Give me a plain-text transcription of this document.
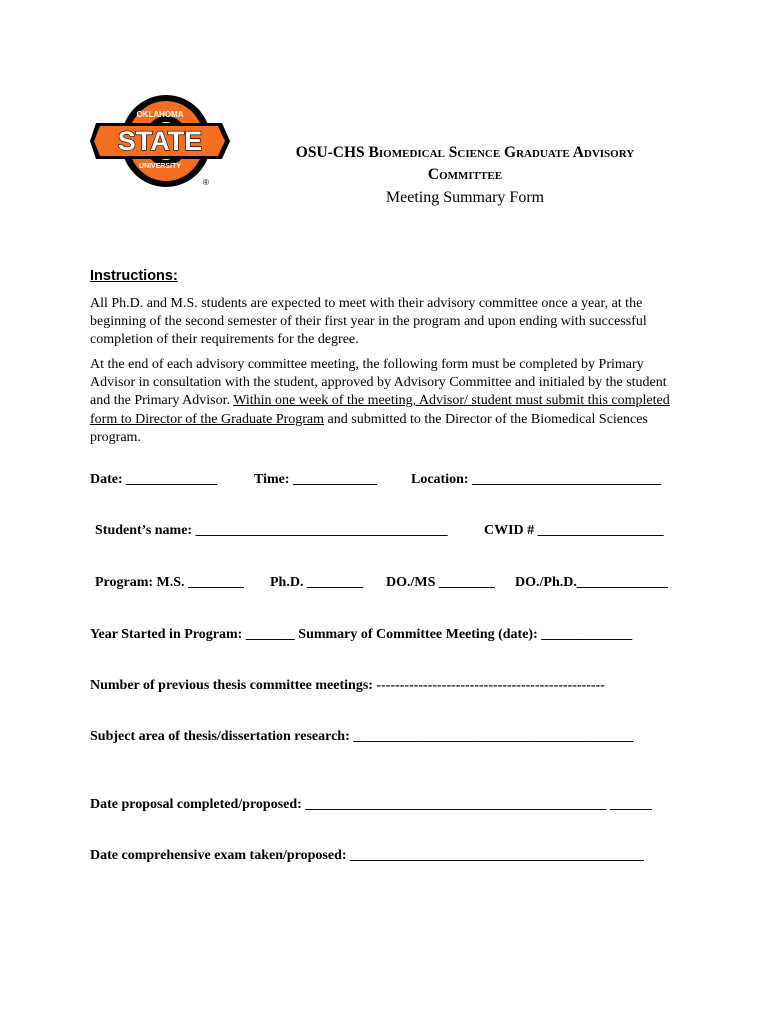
OKLAHOMA
STATE
UNIVERSITY
®
OSU-CHS Biomedical Science Graduate Advisory
Committee
Meeting Summary Form
Instructions:
All Ph.D. and M.S. students are expected to meet with their advisory committee once a year, at the beginning of the second semester of their first year in the program and upon ending with successful completion of their requirements for the degree.
At the end of each advisory committee meeting, the following form must be completed by Primary Advisor in consultation with the student, approved by Advisory Committee and initialed by the student and the Primary Advisor. Within one week of the meeting, Advisor/ student must submit this completed form to Director of the Graduate Program and submitted to the Director of the Biomedical Sciences program.
Date: _____________	Time: ____________ Location: ___________________________
Student’s name: ____________________________________	CWID # __________________
Program: M.S. ________ Ph.D. ________ DO./MS ________ DO./Ph.D._____________
Year Started in Program: _______ Summary of Committee Meeting (date): _____________
Number of previous thesis committee meetings: -------------------------------------------------
Subject area of thesis/dissertation research: ________________________________________
Date proposal completed/proposed: ___________________________________________ ______
Date comprehensive exam taken/proposed: __________________________________________
